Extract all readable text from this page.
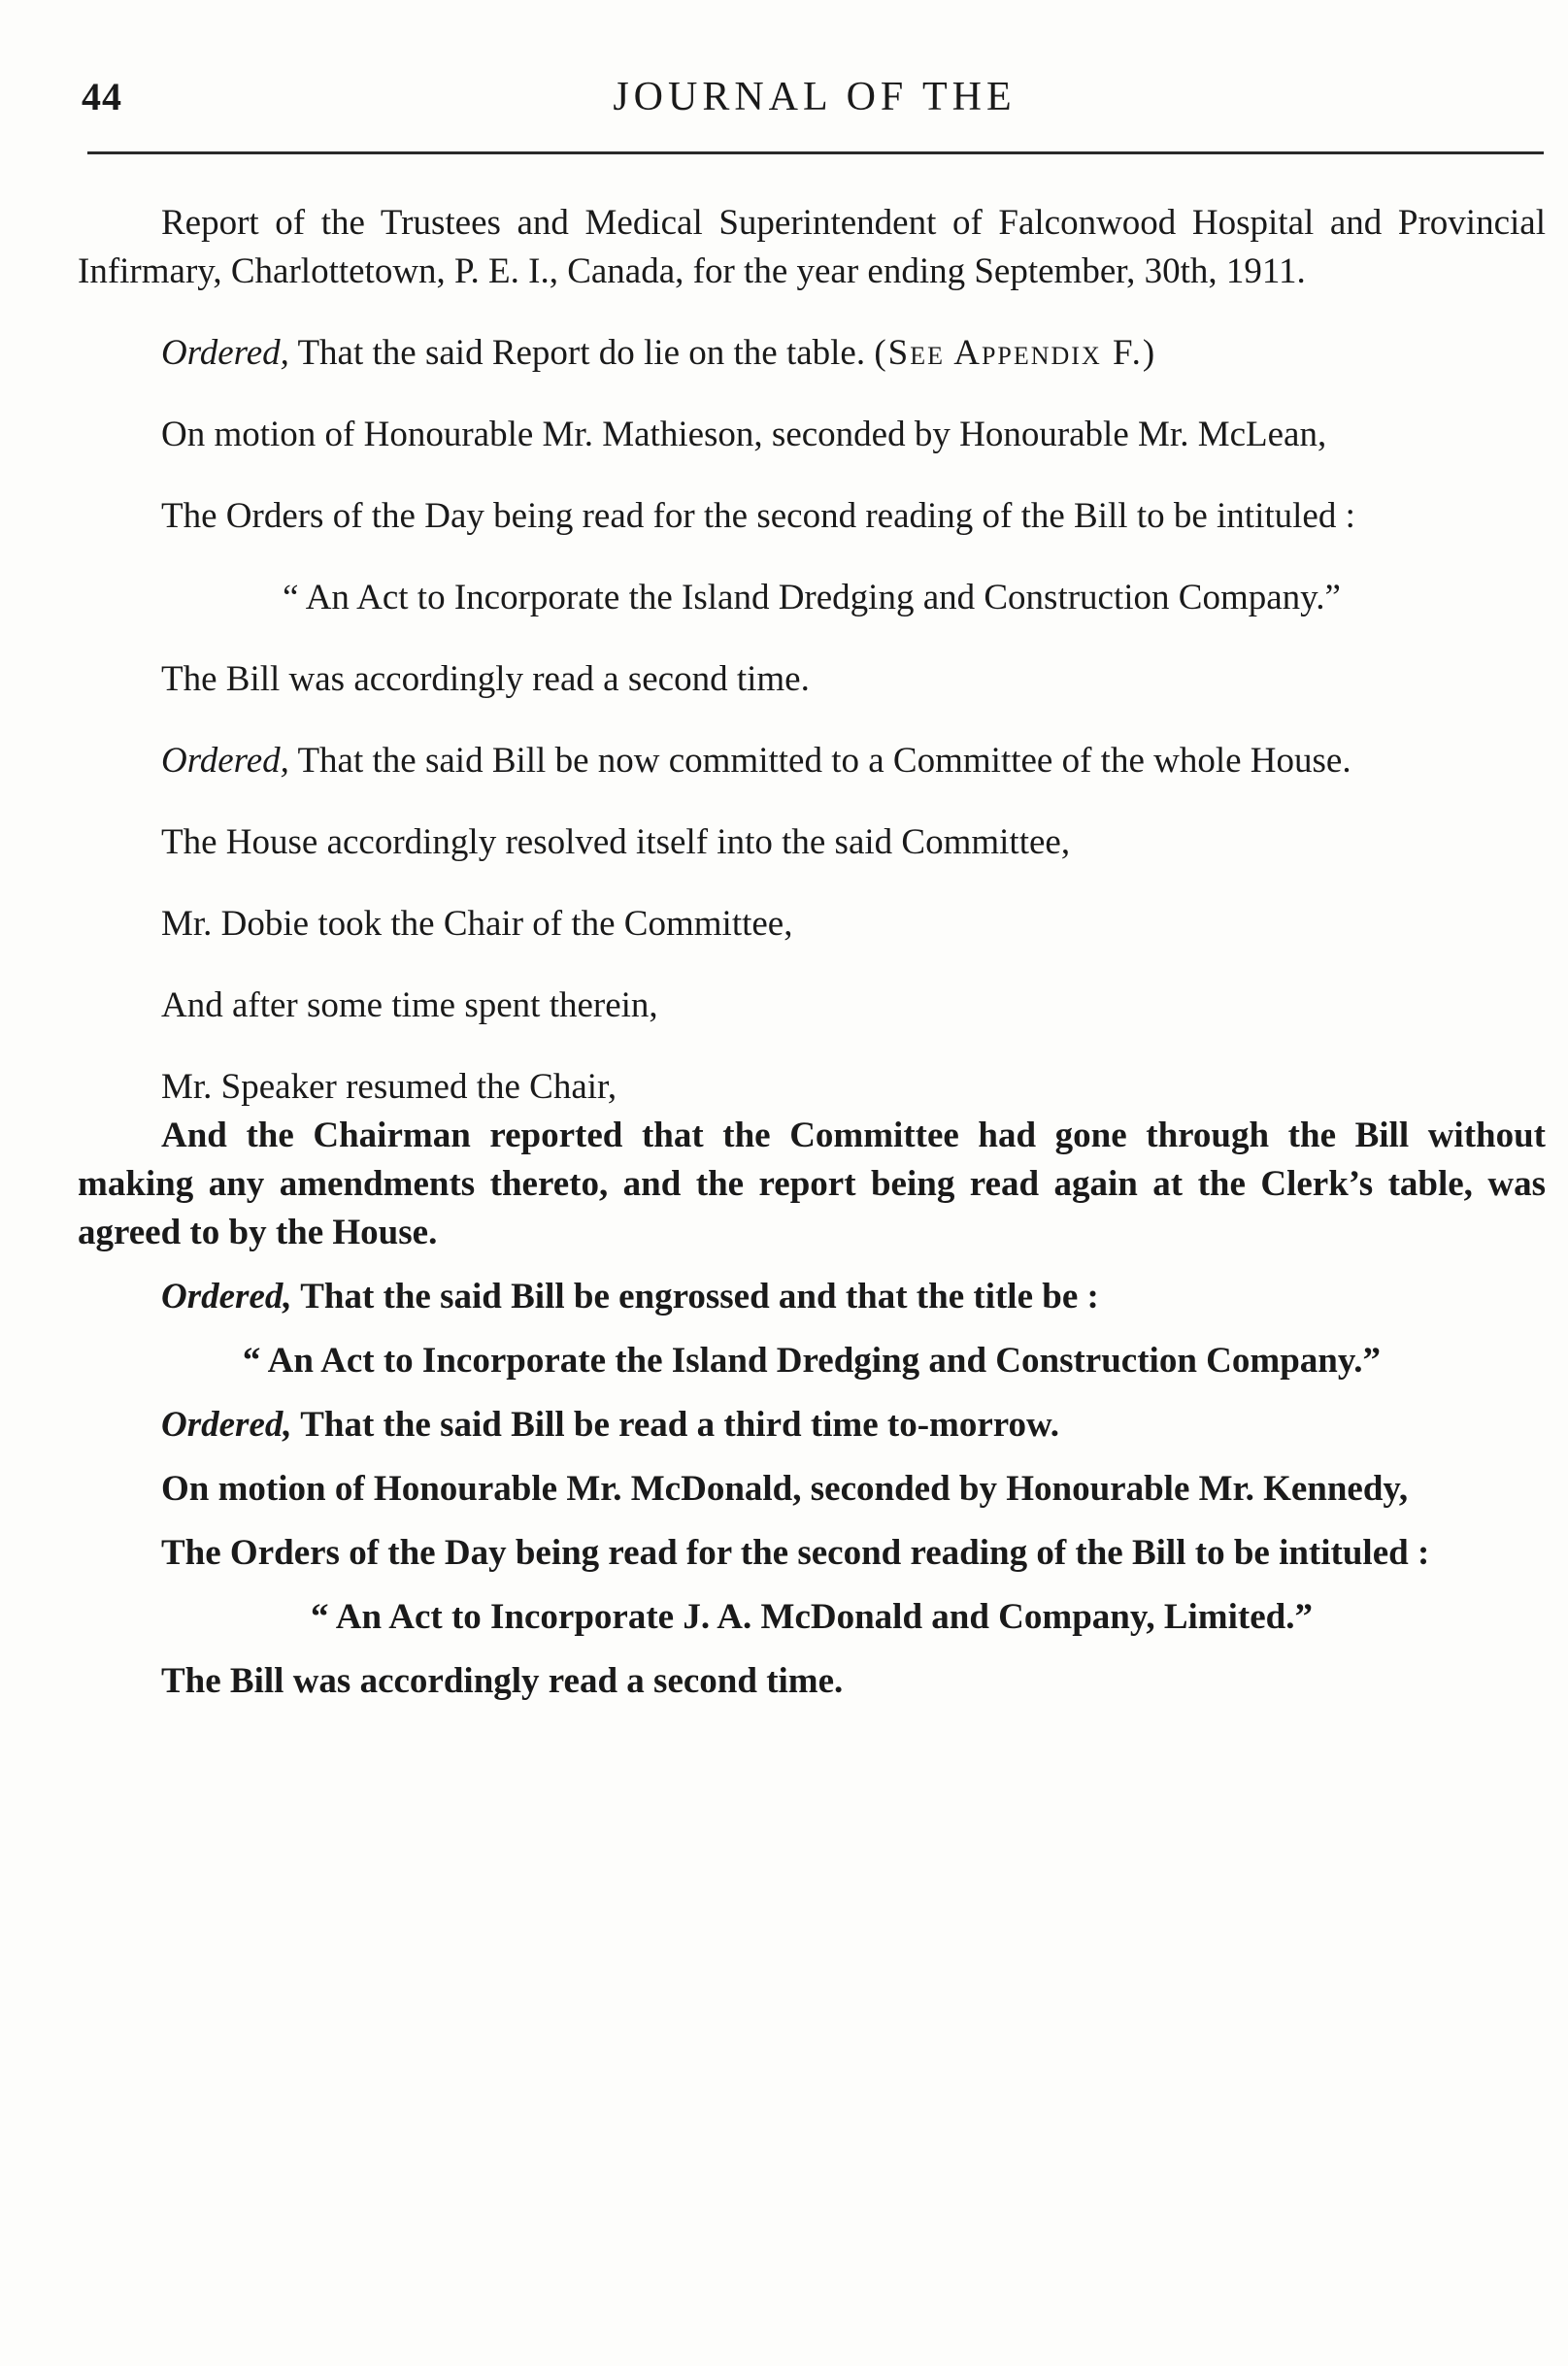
44	JOURNAL OF THE

Report of the Trustees and Medical Superintendent of Falconwood Hospital and Provincial Infirmary, Charlottetown, P. E. I., Canada, for the year ending September, 30th, 1911.

Ordered, That the said Report do lie on the table. (See Appendix F.)

On motion of Honourable Mr. Mathieson, seconded by Honourable Mr. McLean,

The Orders of the Day being read for the second reading of the Bill to be intituled :

“ An Act to Incorporate the Island Dredging and Construction Company.”

The Bill was accordingly read a second time.

Ordered, That the said Bill be now committed to a Committee of the whole House.

The House accordingly resolved itself into the said Committee,

Mr. Dobie took the Chair of the Committee,

And after some time spent therein,

Mr. Speaker resumed the Chair,

And the Chairman reported that the Committee had gone through the Bill without making any amendments thereto, and the report being read again at the Clerk’s table, was agreed to by the House.

Ordered, That the said Bill be engrossed and that the title be :

“ An Act to Incorporate the Island Dredging and Construction Company.”

Ordered, That the said Bill be read a third time to-morrow.

On motion of Honourable Mr. McDonald, seconded by Honourable Mr. Kennedy,

The Orders of the Day being read for the second reading of the Bill to be intituled :

“ An Act to Incorporate J. A. McDonald and Company, Limited.”

The Bill was accordingly read a second time.
